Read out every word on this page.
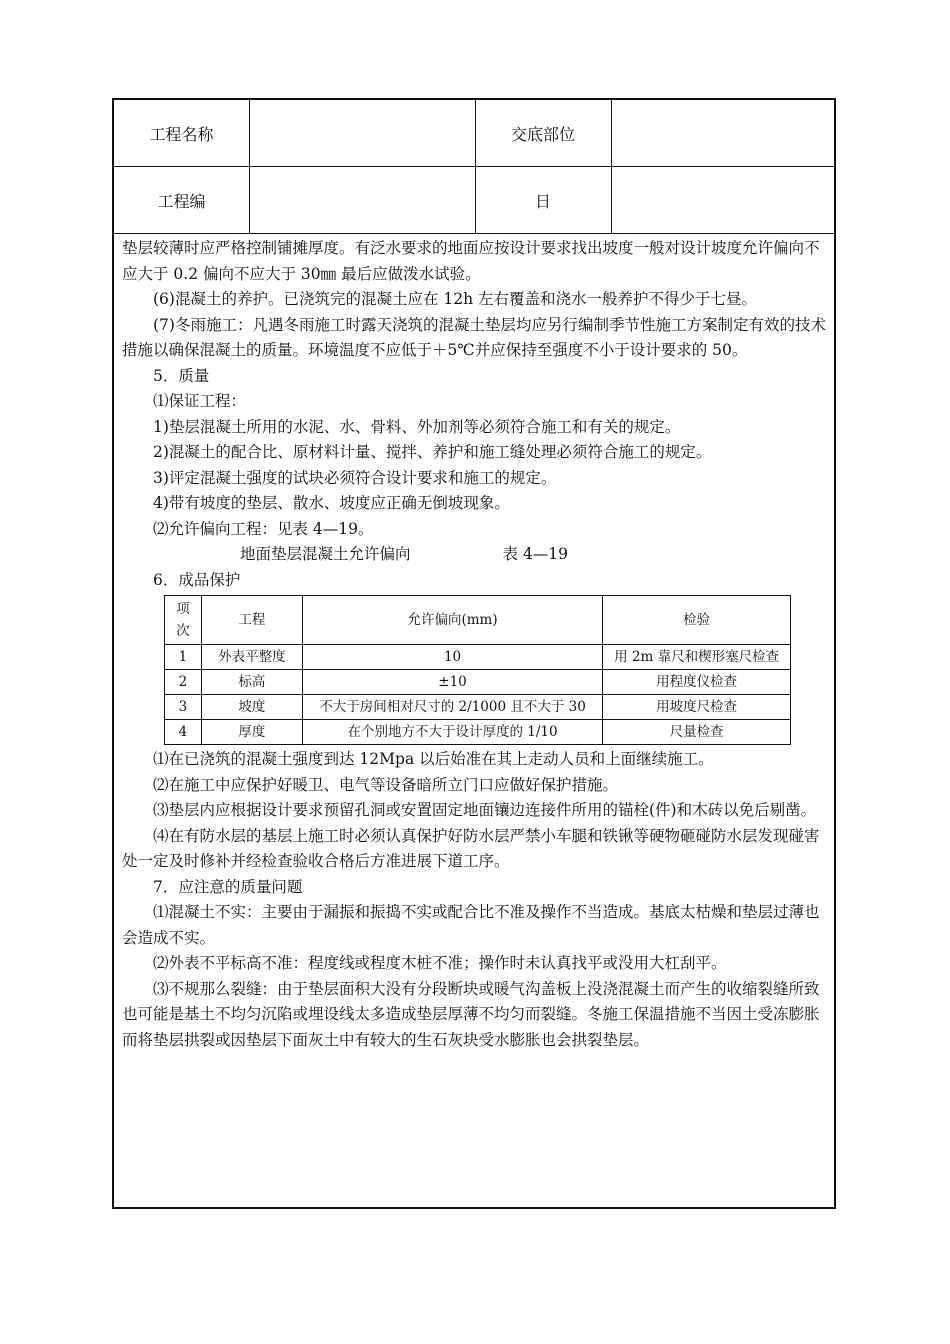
工程名称	交底部位
工程编	日

垫层较薄时应严格控制铺摊厚度。有泛水要求的地面应按设计要求找出坡度一般对设计坡度允许偏向不应大于 0.2 偏向不应大于 30㎜ 最后应做泼水试验。

(6)混凝土的养护。已浇筑完的混凝土应在 12h 左右覆盖和浇水一般养护不得少于七昼。

(7)冬雨施工：凡遇冬雨施工时露天浇筑的混凝土垫层均应另行编制季节性施工方案制定有效的技术措施以确保混凝土的质量。环境温度不应低于＋5℃并应保持至强度不小于设计要求的 50。

5．质量

⑴保证工程：

1)垫层混凝土所用的水泥、水、骨料、外加剂等必须符合施工和有关的规定。

2)混凝土的配合比、原材料计量、搅拌、养护和施工缝处理必须符合施工的规定。

3)评定混凝土强度的试块必须符合设计要求和施工的规定。

4)带有坡度的垫层、散水、坡度应正确无倒坡现象。

⑵允许偏向工程：见表 4—19。

地面垫层混凝土允许偏向	表 4—19

6．成品保护

项次	工程	允许偏向(mm)	检验
1	外表平整度	10	用 2m 靠尺和楔形塞尺检查
2	标高	±10	用程度仪检查
3	坡度	不大于房间相对尺寸的 2/1000 且不大于 30	用坡度尺检查
4	厚度	在个别地方不大于设计厚度的 1/10	尺量检查

⑴在已浇筑的混凝土强度到达 12Mpa 以后始准在其上走动人员和上面继续施工。

⑵在施工中应保护好暖卫、电气等设备暗所立门口应做好保护措施。

⑶垫层内应根据设计要求预留孔洞或安置固定地面镶边连接件所用的锚栓(件)和木砖以免后剔凿。

⑷在有防水层的基层上施工时必须认真保护好防水层严禁小车腿和铁锹等硬物砸碰防水层发现碰害处一定及时修补并经检查验收合格后方准进展下道工序。

7．应注意的质量问题

⑴混凝土不实：主要由于漏振和振捣不实或配合比不准及操作不当造成。基底太枯燥和垫层过薄也会造成不实。

⑵外表不平标高不准：程度线或程度木桩不准；操作时未认真找平或没用大杠刮平。

⑶不规那么裂缝：由于垫层面积大没有分段断块或暖气沟盖板上没浇混凝土而产生的收缩裂缝所致也可能是基土不均匀沉陷或埋设线太多造成垫层厚薄不均匀而裂缝。冬施工保温措施不当因土受冻膨胀而将垫层拱裂或因垫层下面灰土中有较大的生石灰块受水膨胀也会拱裂垫层。
